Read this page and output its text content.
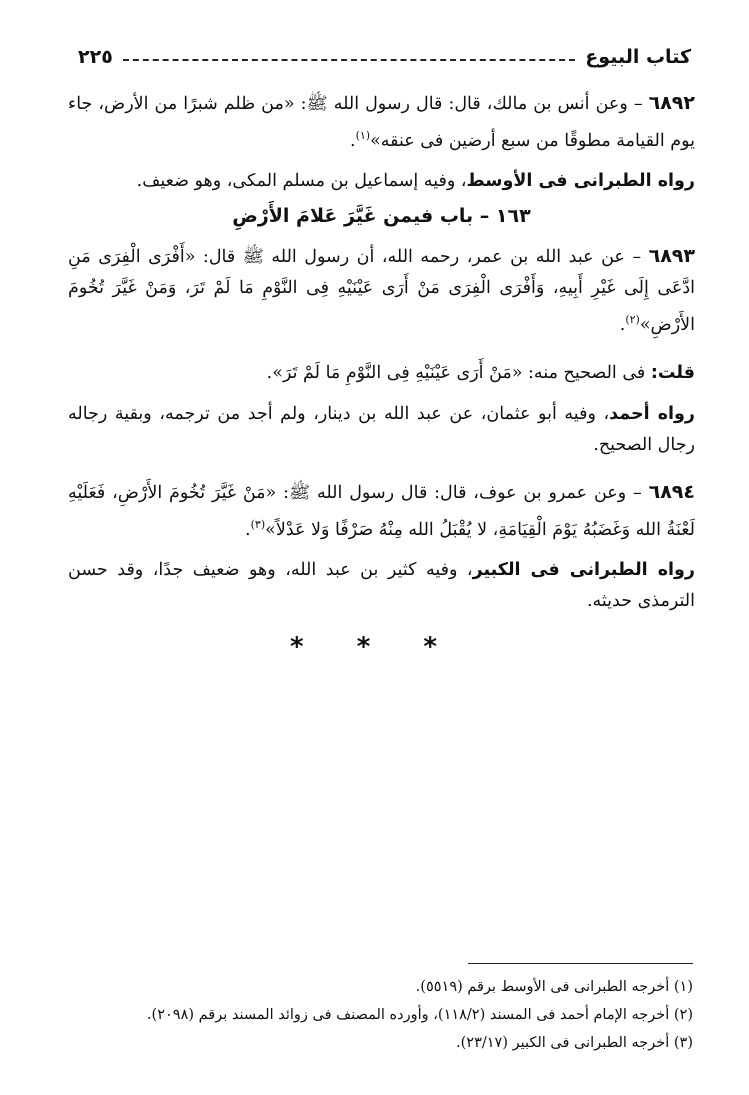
كتاب البيوع
٢٢٥
٦٨٩٢ – وعن أنس بن مالك، قال: قال رسول الله ﷺ: «من ظلم شبرًا من الأرض، جاء يوم القيامة مطوقًا من سبع أرضين فى عنقه»$^{(١)}$.
رواه الطبرانى فى الأوسط، وفيه إسماعيل بن مسلم المكى، وهو ضعيف.
١٦٣ – باب فيمن غَيَّرَ عَلامَ الأَرْضِ
٦٨٩٣ – عن عبد الله بن عمر، رحمه الله، أن رسول الله ﷺ قال: «أَفْرَى الْفِرَى مَنِ ادَّعَى إِلَى غَيْرِ أَبِيهِ، وَأَفْرَى الْفِرَى مَنْ أَرَى عَيْنَيْهِ فِى النَّوْمِ مَا لَمْ تَرَ، وَمَنْ غَيَّرَ تُخُومَ الأَرْضِ»$^{(٢)}$.
قلت: فى الصحيح منه: «مَنْ أَرَى عَيْنَيْهِ فِى النَّوْمِ مَا لَمْ تَرَ».
رواه أحمد، وفيه أبو عثمان، عن عبد الله بن دينار، ولم أجد من ترجمه، وبقية رجاله رجال الصحيح.
٦٨٩٤ – وعن عمرو بن عوف، قال: قال رسول الله ﷺ: «مَنْ غَيَّرَ تُخُومَ الأَرْضِ، فَعَلَيْهِ لَعْنَةُ الله وَغَضَبُهُ يَوْمَ الْقِيَامَةِ، لا يُقْبَلُ الله مِنْهُ صَرْفًا وَلا عَدْلاً»$^{(٣)}$.
رواه الطبرانى فى الكبير، وفيه كثير بن عبد الله، وهو ضعيف جدًا، وقد حسن الترمذى حديثه.
* * *
(١) أخرجه الطبرانى فى الأوسط برقم (٥٥١٩).
(٢) أخرجه الإمام أحمد فى المسند (١١٨/٢)، وأورده المصنف فى زوائد المسند برقم (٢٠٩٨).
(٣) أخرجه الطبرانى فى الكبير (٢٣/١٧).
